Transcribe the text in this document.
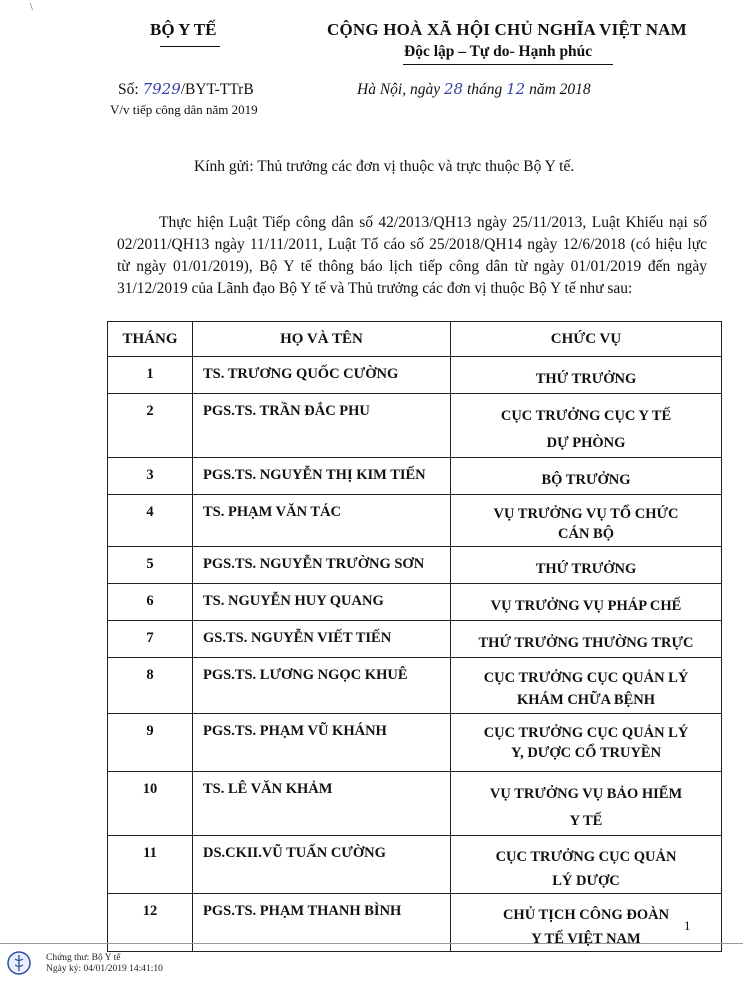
\
BỘ Y TẾ	CỘNG HOÀ XÃ HỘI CHỦ NGHĨA VIỆT NAM
Độc lập – Tự do- Hạnh phúc
Số: 7929/BYT-TTrB
V/v tiếp công dân năm 2019
Hà Nội, ngày 28 tháng 12 năm 2018
Kính gửi: Thủ trưởng các đơn vị thuộc và trực thuộc Bộ Y tế.

Thực hiện Luật Tiếp công dân số 42/2013/QH13 ngày 25/11/2013, Luật Khiếu nại số 02/2011/QH13 ngày 11/11/2011, Luật Tố cáo số 25/2018/QH14 ngày 12/6/2018 (có hiệu lực từ ngày 01/01/2019), Bộ Y tế thông báo lịch tiếp công dân từ ngày 01/01/2019 đến ngày 31/12/2019 của Lãnh đạo Bộ Y tế và Thủ trưởng các đơn vị thuộc Bộ Y tế như sau:

THÁNG	HỌ VÀ TÊN	CHỨC VỤ
1	TS. TRƯƠNG QUỐC CƯỜNG	THỨ TRƯỞNG

2	PGS.TS. TRẦN ĐẮC PHU	CỤC TRƯỞNG CỤC Y TẾ
DỰ PHÒNG

3	PGS.TS. NGUYỄN THỊ KIM TIẾN	BỘ TRƯỞNG

4	TS. PHẠM VĂN TÁC	VỤ TRƯỞNG VỤ TỔ CHỨC
CÁN BỘ

5	PGS.TS. NGUYỄN TRƯỜNG SƠN	THỨ TRƯỞNG

6	TS. NGUYỄN HUY QUANG	VỤ TRƯỞNG VỤ PHÁP CHẾ

7	GS.TS. NGUYỄN VIẾT TIẾN	THỨ TRƯỞNG THƯỜNG TRỰC

8	PGS.TS. LƯƠNG NGỌC KHUÊ	CỤC TRƯỞNG CỤC QUẢN LÝ
KHÁM CHỮA BỆNH

9	PGS.TS. PHẠM VŨ KHÁNH	CỤC TRƯỞNG CỤC QUẢN LÝ
Y, DƯỢC CỔ TRUYỀN

10	TS. LÊ VĂN KHẢM	VỤ TRƯỞNG VỤ BẢO HIỂM
Y TẾ

11	DS.CKII.VŨ TUẤN CƯỜNG	CỤC TRƯỞNG CỤC QUẢN
LÝ DƯỢC

12	PGS.TS. PHẠM THANH BÌNH	CHỦ TỊCH CÔNG ĐOÀN
Y TẾ VIỆT NAM
1
Chứng thư: Bộ Y tế
Ngày ký: 04/01/2019 14:41:10
